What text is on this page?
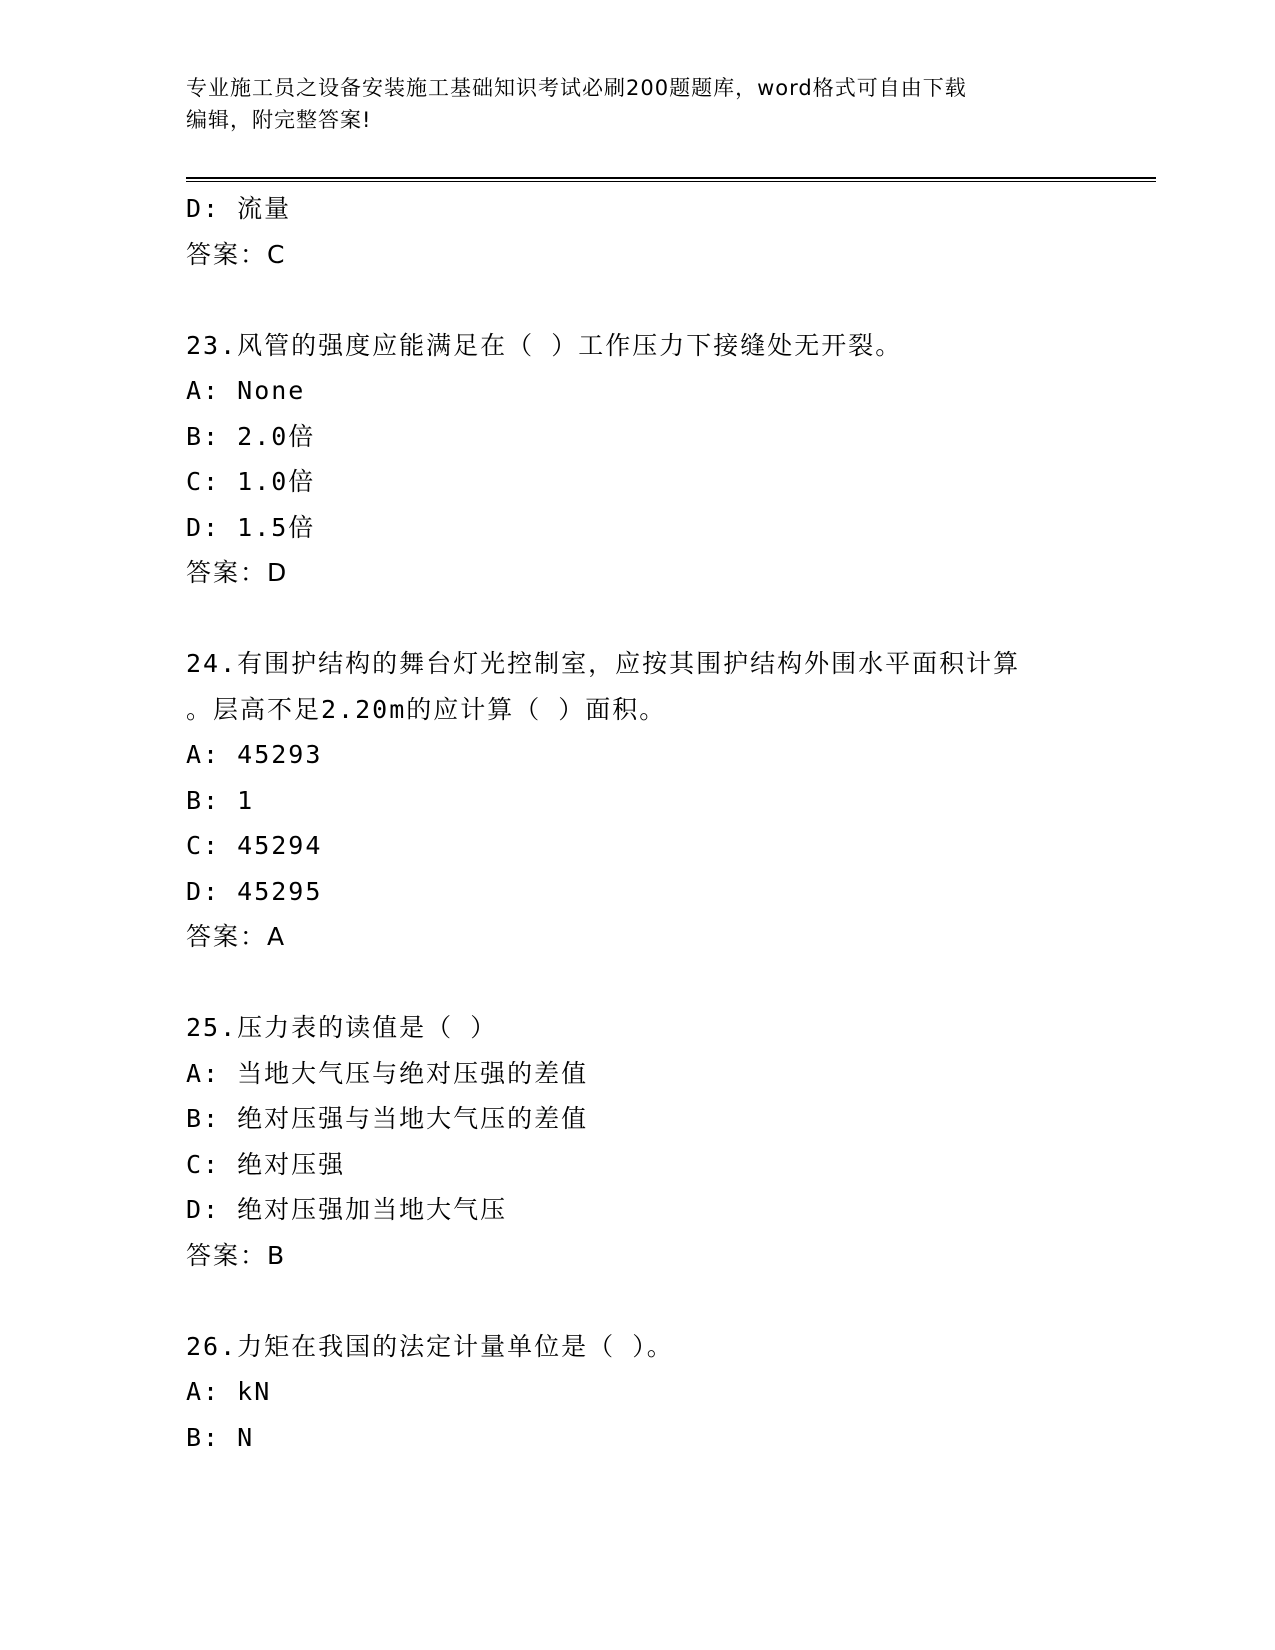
专业施工员之设备安装施工基础知识考试必刷200题题库，word格式可自由下载
编辑，附完整答案!
D: 流量
答案：C
23.风管的强度应能满足在（ ）工作压力下接缝处无开裂。
A: None
B: 2.0倍
C: 1.0倍
D: 1.5倍
答案：D
24.有围护结构的舞台灯光控制室，应按其围护结构外围水平面积计算
。层高不足2.20m的应计算（ ）面积。
A: 45293
B: 1
C: 45294
D: 45295
答案：A
25.压力表的读值是（ ）
A: 当地大气压与绝对压强的差值
B: 绝对压强与当地大气压的差值
C: 绝对压强
D: 绝对压强加当地大气压
答案：B
26.力矩在我国的法定计量单位是（ ）。
A: kN
B: N
